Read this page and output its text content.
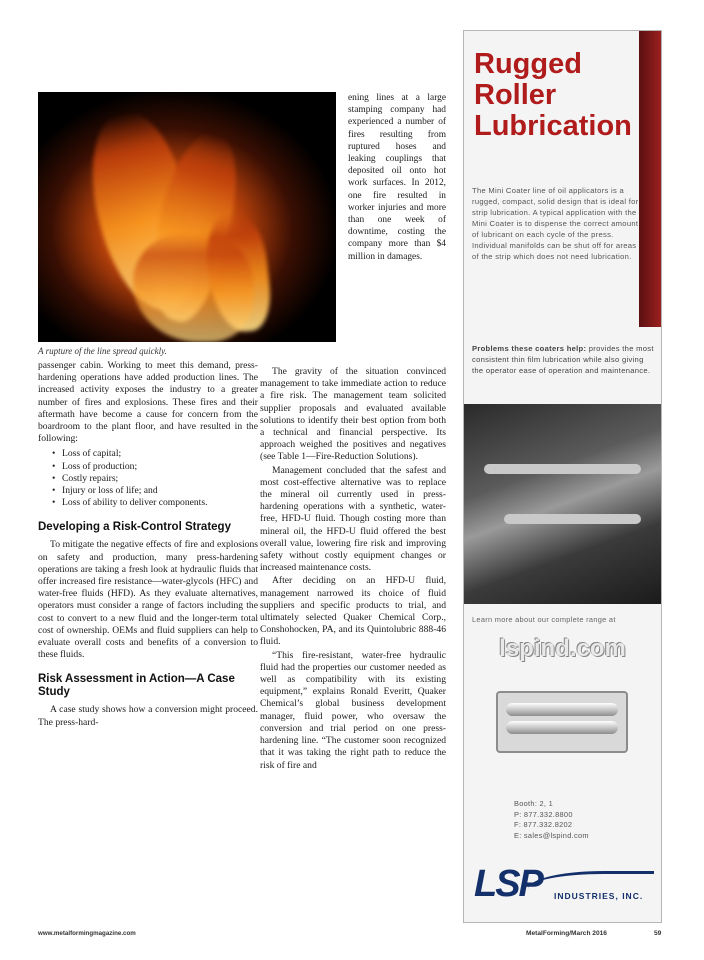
A rupture of the line spread quickly.

passenger cabin. Working to meet this demand, press-hardening operations have added production lines. The increased activity exposes the industry to a greater number of fires and explosions. These fires and their aftermath have become a cause for concern from the boardroom to the plant floor, and have resulted in the following:

• Loss of capital;
• Loss of production;
• Costly repairs;
• Injury or loss of life; and
• Loss of ability to deliver components.
Developing a Risk-Control Strategy

To mitigate the negative effects of fire and explosions on safety and production, many press-hardening operations are taking a fresh look at hydraulic fluids that offer increased fire resistance—water-glycols (HFC) and water-free fluids (HFD). As they evaluate alternatives, operators must consider a range of factors including the cost to convert to a new fluid and the longer-term total cost of ownership. OEMs and fluid suppliers can help to evaluate overall costs and benefits of a conversion to these fluids.

Risk Assessment in Action—A Case Study

A case study shows how a conversion might proceed. The press-hard-

ening lines at a large stamping company had experienced a number of fires resulting from ruptured hoses and leaking couplings that deposited oil onto hot work surfaces. In 2012, one fire resulted in worker injuries and more than one week of downtime, costing the company more than $4 million in damages.

The gravity of the situation convinced management to take immediate action to reduce a fire risk. The management team solicited supplier proposals and evaluated available solutions to identify their best option from both a technical and financial perspective. Its approach weighed the positives and negatives (see Table 1—Fire-Reduction Solutions).

Management concluded that the safest and most cost-effective alternative was to replace the mineral oil currently used in press-hardening operations with a synthetic, water-free, HFD-U fluid. Though costing more than mineral oil, the HFD-U fluid offered the best overall value, lowering fire risk and improving safety without costly equipment changes or increased maintenance costs.

After deciding on an HFD-U fluid, management narrowed its choice of fluid suppliers and specific products to trial, and ultimately selected Quaker Chemical Corp., Conshohocken, PA, and its Quintolubric 888-46 fluid.

“This fire-resistant, water-free hydraulic fluid had the properties our customer needed as well as compatibility with its existing equipment,” explains Ronald Everitt, Quaker Chemical’s global business development manager, fluid power, who oversaw the conversion and trial period on one press-hardening line. “The customer soon recognized that it was taking the right path to reduce the risk of fire and

Rugged Roller Lubrication
The Mini Coater line of oil applicators is a rugged, compact, solid design that is ideal for strip lubrication. A typical application with the Mini Coater is to dispense the correct amount of lubricant on each cycle of the press. Individual manifolds can be shut off for areas of the strip which does not need lubrication.
Problems these coaters help: provides the most consistent thin film lubrication while also giving the operator ease of operation and maintenance.
Learn more about our complete range at
lspind.com
Booth: 2, 1
P: 877.332.8800
F: 877.332.8202
E: sales@lspind.com
LSP INDUSTRIES, INC.
www.metalformingmagazine.com	MetalForming/March 2016	59
